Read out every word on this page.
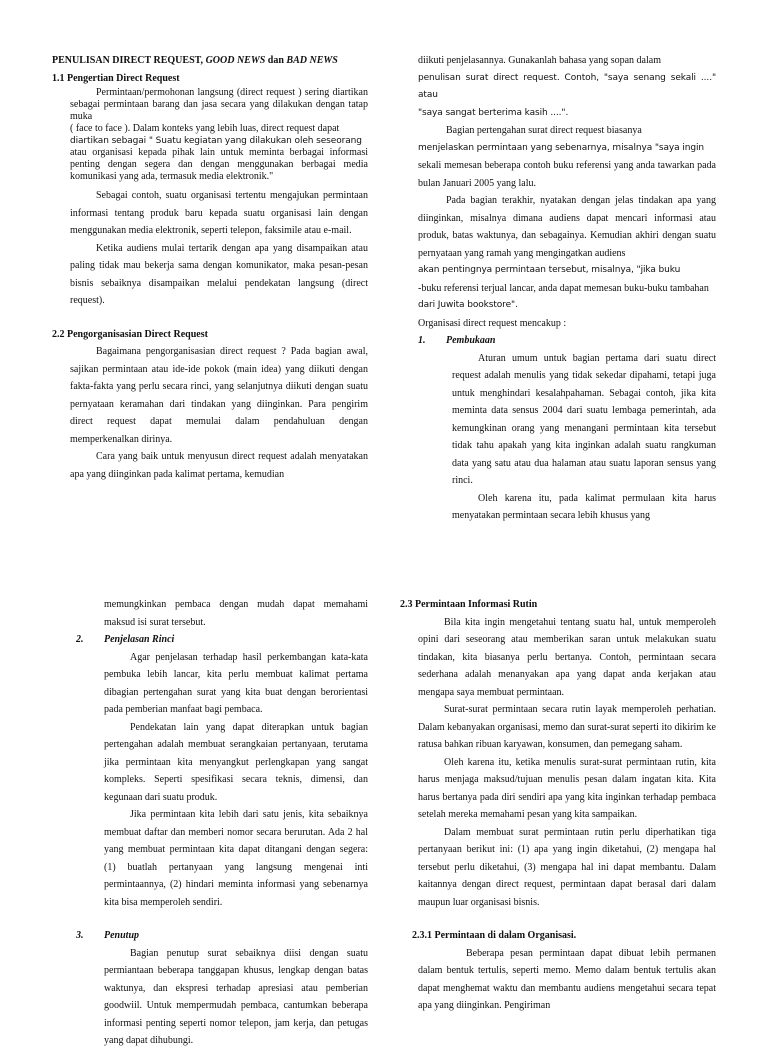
PENULISAN DIRECT REQUEST, GOOD NEWS dan BAD NEWS

1.1 Pengertian Direct Request

Permintaan/permohonan langsung (direct request ) sering diartikan sebagai permintaan barang dan jasa secara yang dilakukan dengan tatap muka

( face to face ). Dalam konteks yang lebih luas, direct request dapat

diartikan sebagai " Suatu kegiatan yang dilakukan oleh seseorang

atau organisasi kepada pihak lain untuk meminta berbagai informasi penting dengan segera dan dengan menggunakan berbagai media komunikasi yang ada, termasuk media elektronik."

Sebagai contoh, suatu organisasi tertentu mengajukan permintaan informasi tentang produk baru kepada suatu organisasi lain dengan menggunakan media elektronik, seperti telepon, faksimile atau e-mail.

Ketika audiens mulai tertarik dengan apa yang disampaikan atau paling tidak mau bekerja sama dengan komunikator, maka pesan-pesan bisnis sebaiknya disampaikan melalui pendekatan langsung (direct request).

2.2 Pengorganisasian Direct Request

Bagaimana pengorganisasian direct request ? Pada bagian awal, sajikan permintaan atau ide-ide pokok (main idea) yang diikuti dengan fakta-fakta yang perlu secara rinci, yang selanjutnya diikuti dengan suatu pernyataan keramahan dari tindakan yang diinginkan. Para pengirim direct request dapat memulai dalam pendahuluan dengan memperkenalkan dirinya.

Cara yang baik untuk menyusun direct request adalah menyatakan apa yang diinginkan pada kalimat pertama, kemudian

diikuti penjelasannya. Gunakanlah bahasa yang sopan dalam

penulisan surat direct request. Contoh, "saya senang sekali ...." atau

"saya sangat berterima kasih ....".

Bagian pertengahan surat direct request biasanya

menjelaskan permintaan yang sebenarnya, misalnya "saya ingin

sekali memesan beberapa contoh buku referensi yang anda tawarkan pada bulan Januari 2005 yang lalu.

Pada bagian terakhir, nyatakan dengan jelas tindakan apa yang diinginkan, misalnya dimana audiens dapat mencari informasi atau produk, batas waktunya, dan sebagainya. Kemudian akhiri dengan suatu pernyataan yang ramah yang mengingatkan audiens

akan pentingnya permintaan tersebut, misalnya, "jika buku

-buku referensi terjual lancar, anda dapat memesan buku-buku tambahan

dari Juwita bookstore".

Organisasi direct request mencakup :

1. Pembukaan

Aturan umum untuk bagian pertama dari suatu direct request adalah menulis yang tidak sekedar dipahami, tetapi juga untuk menghindari kesalahpahaman. Sebagai contoh, jika kita meminta data sensus 2004 dari suatu lembaga pemerintah, ada kemungkinan orang yang menangani permintaan kita tersebut tidak tahu apakah yang kita inginkan adalah suatu rangkuman data yang satu atau dua halaman atau suatu laporan sensus yang rinci.

Oleh karena itu, pada kalimat permulaan kita harus menyatakan permintaan secara lebih khusus yang

memungkinkan pembaca dengan mudah dapat memahami maksud isi surat tersebut.

2. Penjelasan Rinci

Agar penjelasan terhadap hasil perkembangan kata-kata pembuka lebih lancar, kita perlu membuat kalimat pertama dibagian pertengahan surat yang kita buat dengan berorientasi pada pemberian manfaat bagi pembaca.

Pendekatan lain yang dapat diterapkan untuk bagian pertengahan adalah membuat serangkaian pertanyaan, terutama jika permintaan kita menyangkut perlengkapan yang sangat kompleks. Seperti spesifikasi secara teknis, dimensi, dan kegunaan dari suatu produk.

Jika permintaan kita lebih dari satu jenis, kita sebaiknya membuat daftar dan memberi nomor secara berurutan. Ada 2 hal yang membuat permintaan kita dapat ditangani dengan segera: (1) buatlah pertanyaan yang langsung mengenai inti permintaannya, (2) hindari meminta informasi yang sebenarnya kita bisa memperoleh sendiri.

3. Penutup

Bagian penutup surat sebaiknya diisi dengan suatu permiantaan beberapa tanggapan khusus, lengkap dengan batas waktunya, dan ekspresi terhadap apresiasi atau pemberian goodwiil. Untuk mempermudah pembaca, cantumkan beberapa informasi penting seperti nomor telepon, jam kerja, dan petugas yang dapat dihubungi.

2.3 Permintaan Informasi Rutin

Bila kita ingin mengetahui tentang suatu hal, untuk memperoleh opini dari seseorang atau memberikan saran untuk melakukan suatu tindakan, kita biasanya perlu bertanya. Contoh, permintaan secara sederhana adalah menanyakan apa yang dapat anda kerjakan atau mengapa saya membuat permintaan.

Surat-surat permintaan secara rutin layak memperoleh perhatian. Dalam kebanyakan organisasi, memo dan surat-surat seperti ito dikirim ke ratusa bahkan ribuan karyawan, konsumen, dan pemegang saham.

Oleh karena itu, ketika menulis surat-surat permintaan rutin, kita harus menjaga maksud/tujuan menulis pesan dalam ingatan kita. Kita harus bertanya pada diri sendiri apa yang kita inginkan terhadap pembaca setelah mereka memahami pesan yang kita sampaikan.

Dalam membuat surat permintaan rutin perlu diperhatikan tiga pertanyaan berikut ini: (1) apa yang ingin diketahui, (2) mengapa hal tersebut perlu diketahui, (3) mengapa hal ini dapat membantu. Dalam kaitannya dengan direct request, permintaan dapat berasal dari dalam maupun luar organisasi bisnis.

2.3.1 Permintaan di dalam Organisasi.

Beberapa pesan permintaan dapat dibuat lebih permanen dalam bentuk tertulis, seperti memo. Memo dalam bentuk tertulis akan dapat menghemat waktu dan membantu audiens mengetahui secara tepat apa yang diinginkan. Pengiriman
